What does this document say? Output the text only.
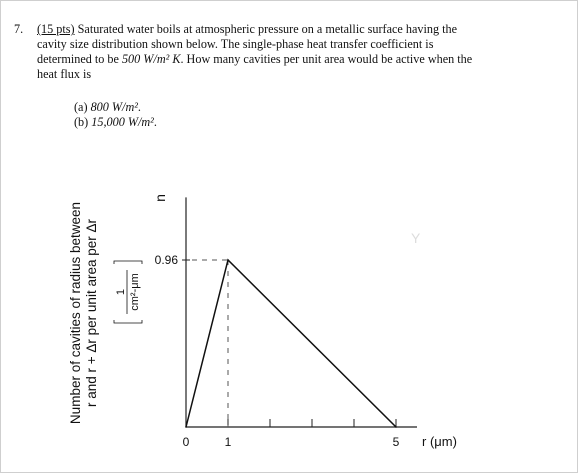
7. (15 pts) Saturated water boils at atmospheric pressure on a metallic surface having the
cavity size distribution shown below. The single-phase heat transfer coefficient is
determined to be 500 W/m² K. How many cavities per unit area would be active when the
heat flux is
(a) 800 W/m².
(b) 15,000 W/m².
Number of cavities of radius between r and r + Δr per unit area per Δr 1 cm²-μm
n
Y
0	1	5
0.96
r (μm)
